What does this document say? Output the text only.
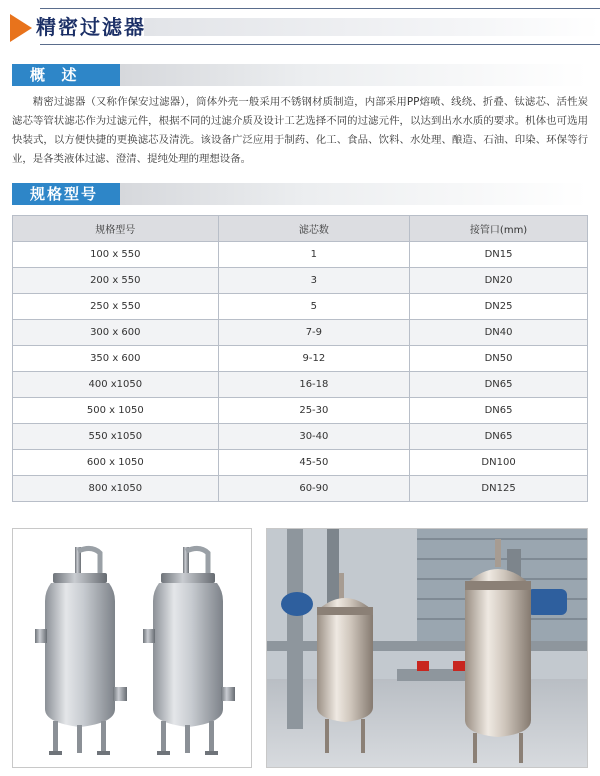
精密过滤器
概  述
精密过滤器（又称作保安过滤器），筒体外壳一般采用不锈钢材质制造，内部采用PP熔喷、线绕、折叠、钛滤芯、活性炭滤芯等管状滤芯作为过滤元件，根据不同的过滤介质及设计工艺选择不同的过滤元件，以达到出水水质的要求。机体也可选用快装式，以方便快捷的更换滤芯及清洗。该设备广泛应用于制药、化工、食品、饮料、水处理、酿造、石油、印染、环保等行业，是各类液体过滤、澄清、提纯处理的理想设备。
规格型号
规格型号	滤芯数	接管口(mm)
100 x 550	1	DN15
200 x 550	3	DN20
250 x 550	5	DN25
300 x 600	7-9	DN40
350 x 600	9-12	DN50
400 x1050	16-18	DN65
500 x 1050	25-30	DN65
550 x1050	30-40	DN65
600 x 1050	45-50	DN100
800 x1050	60-90	DN125
